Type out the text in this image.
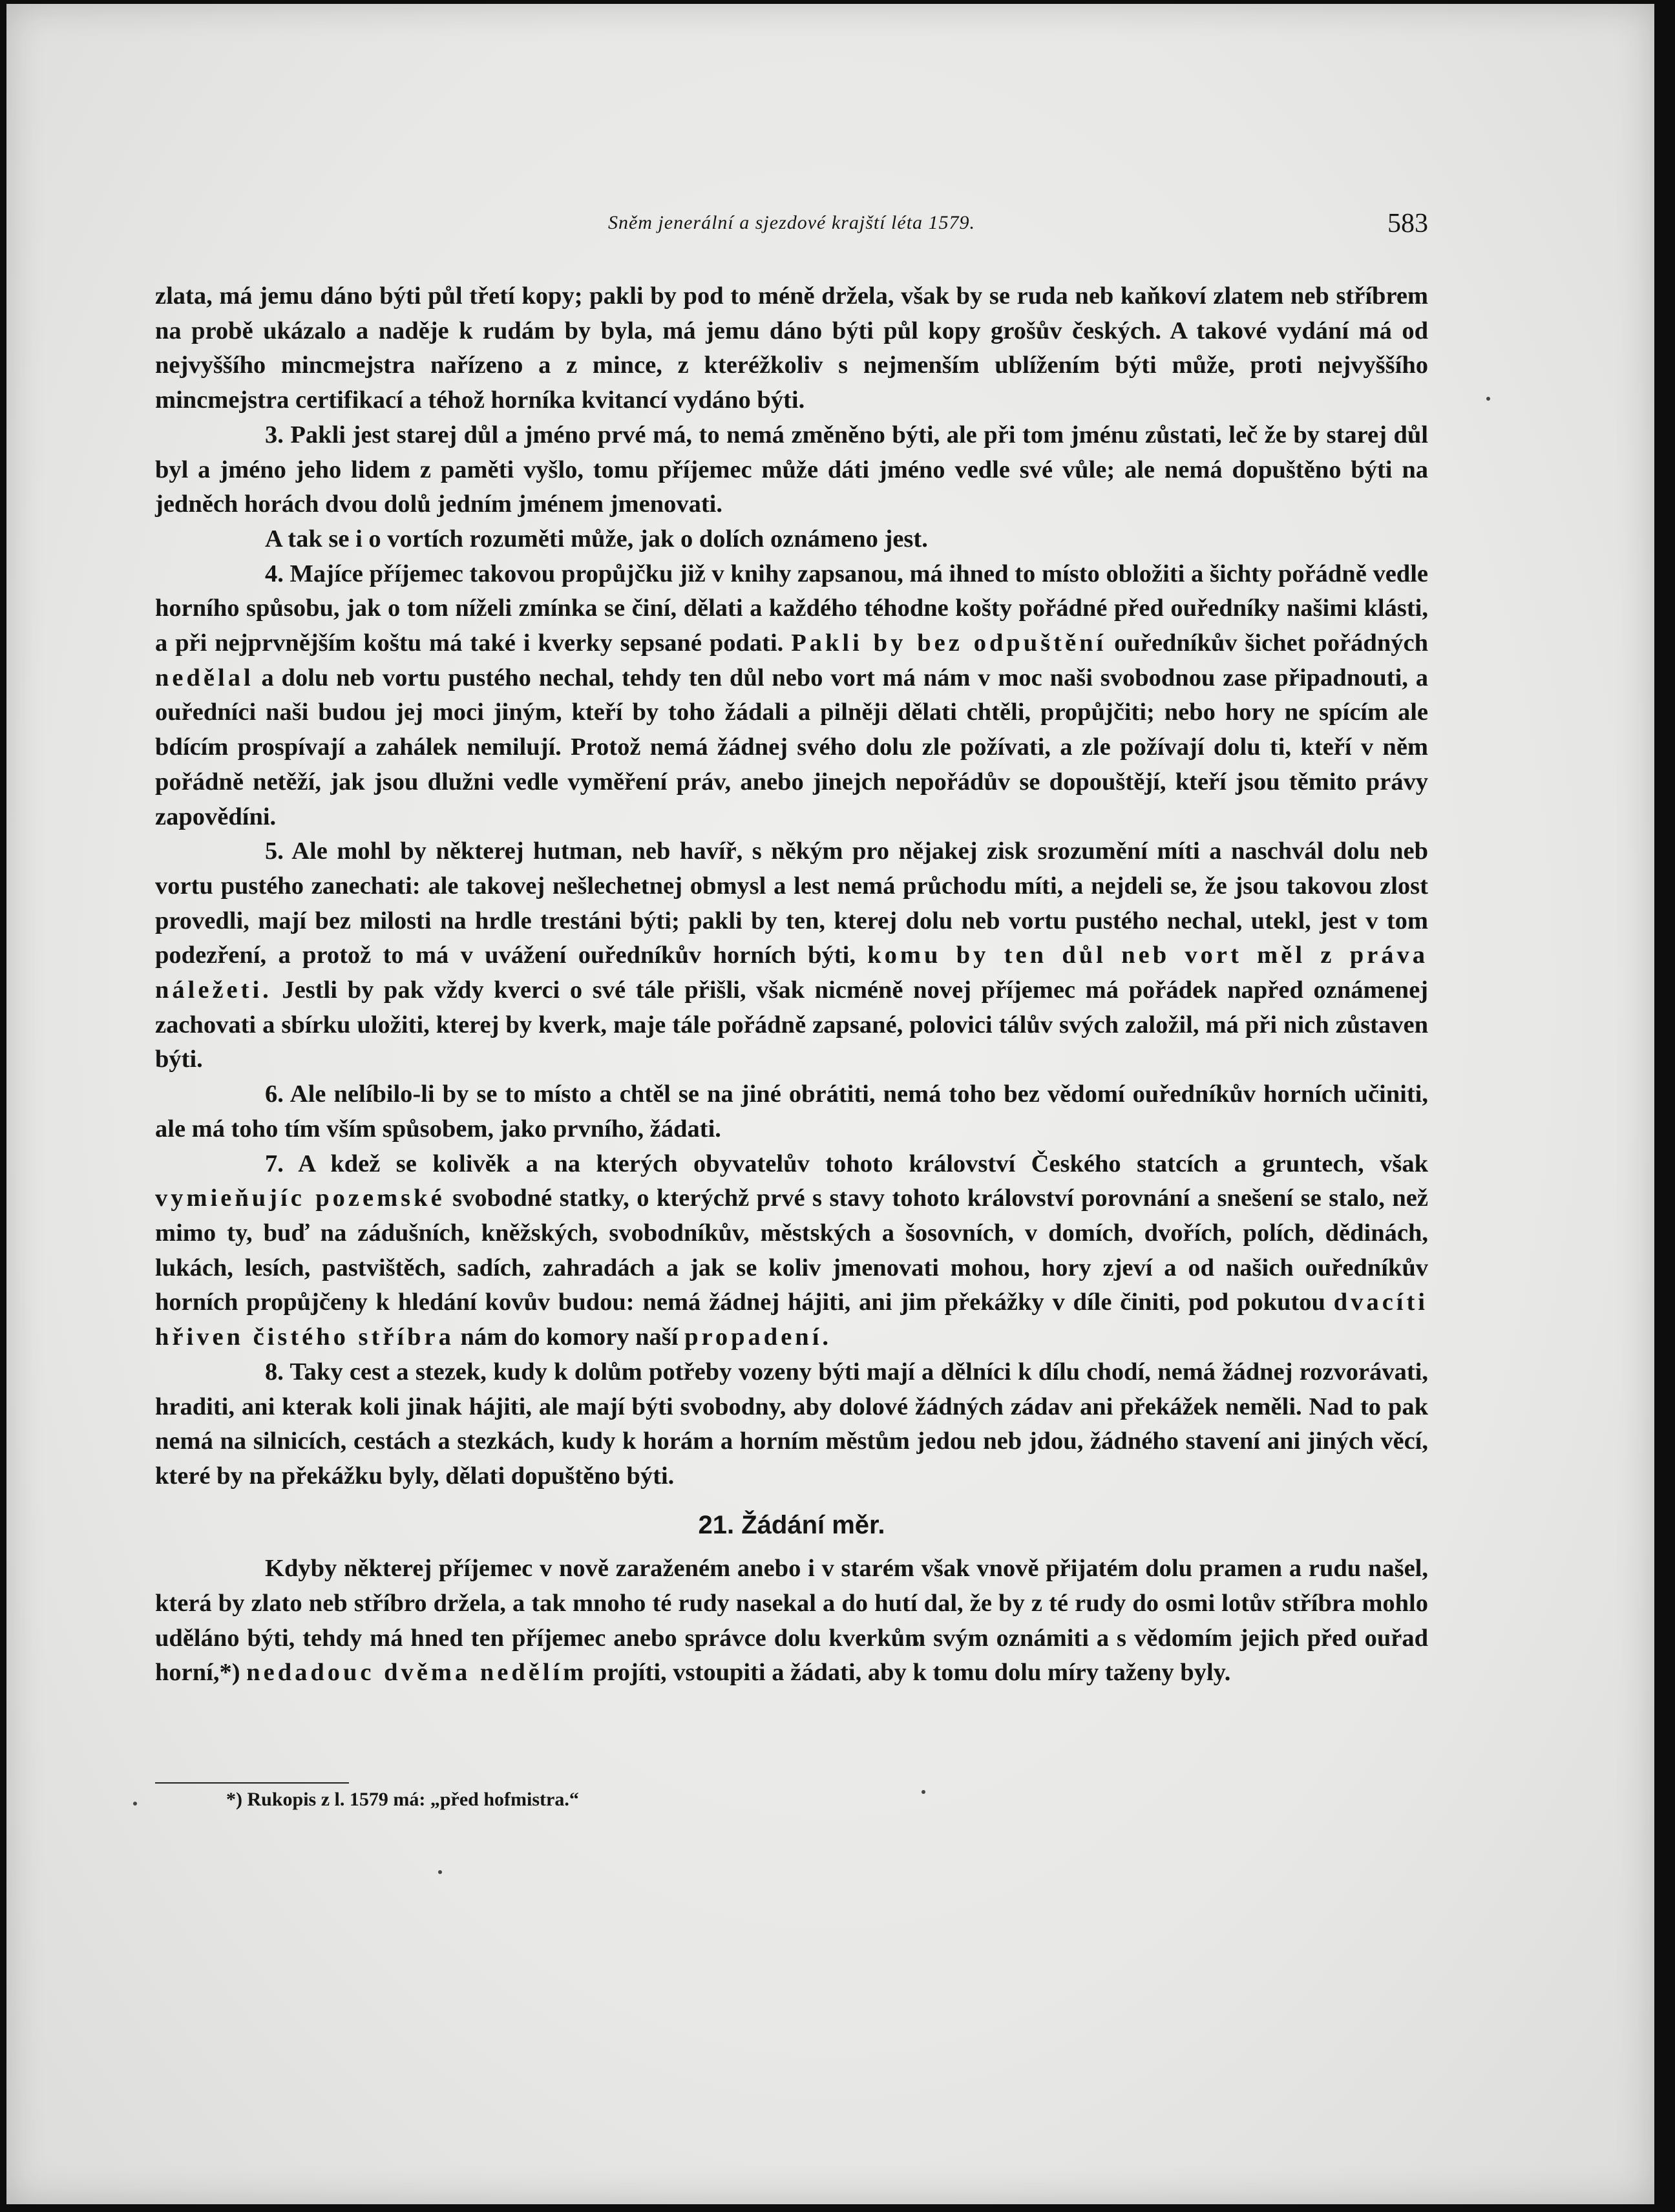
Sněm jenerální a sjezdové krajští léta 1579.	583

zlata, má jemu dáno býti půl třetí kopy; pakli by pod to méně držela, však by se ruda neb kaňkoví zlatem neb stříbrem na probě ukázalo a naděje k rudám by byla, má jemu dáno býti půl kopy grošův českých. A takové vydání má od nejvyššího mincmejstra nařízeno a z mince, z kteréžkoliv s nejmenším ublížením býti může, proti nejvyššího mincmejstra certifikací a téhož horníka kvitancí vydáno býti.

3. Pakli jest starej důl a jméno prvé má, to nemá změněno býti, ale při tom jménu zůstati, leč že by starej důl byl a jméno jeho lidem z paměti vyšlo, tomu příjemec může dáti jméno vedle své vůle; ale nemá dopuštěno býti na jedněch horách dvou dolů jedním jménem jmenovati.

A tak se i o vortích rozuměti může, jak o dolích oznámeno jest.

4. Majíce příjemec takovou propůjčku již v knihy zapsanou, má ihned to místo obložiti a šichty pořádně vedle horního spůsobu, jak o tom níželi zmínka se činí, dělati a každého téhodne košty pořádné před ouředníky našimi klásti, a při nejprvnějším koštu má také i kverky sepsané podati. Pakli by bez odpuštění ouředníkův šichet pořádných nedělal a dolu neb vortu pustého nechal, tehdy ten důl nebo vort má nám v moc naši svobodnou zase připadnouti, a ouředníci naši budou jej moci jiným, kteří by toho žádali a pilněji dělati chtěli, propůjčiti; nebo hory ne spícím ale bdícím prospívají a zahálek nemilují. Protož nemá žádnej svého dolu zle požívati, a zle požívají dolu ti, kteří v něm pořádně netěží, jak jsou dlužni vedle vyměření práv, anebo jinejch nepořádův se dopouštějí, kteří jsou těmito právy zapovědíni.

5. Ale mohl by některej hutman, neb havíř, s někým pro nějakej zisk srozumění míti a naschvál dolu neb vortu pustého zanechati: ale takovej nešlechetnej obmysl a lest nemá průchodu míti, a nejdeli se, že jsou takovou zlost provedli, mají bez milosti na hrdle trestáni býti; pakli by ten, kterej dolu neb vortu pustého nechal, utekl, jest v tom podezření, a protož to má v uvážení ouředníkův horních býti, komu by ten důl neb vort měl z práva náležeti. Jestli by pak vždy kverci o své tále přišli, však nicméně novej příjemec má pořádek napřed oznámenej zachovati a sbírku uložiti, kterej by kverk, maje tále pořádně zapsané, polovici tálův svých založil, má při nich zůstaven býti.

6. Ale nelíbilo-li by se to místo a chtěl se na jiné obrátiti, nemá toho bez vědomí ouředníkův horních učiniti, ale má toho tím vším spůsobem, jako prvního, žádati.

7. A kdež se kolivěk a na kterých obyvatelův tohoto království Českého statcích a gruntech, však vymieňujíc pozemské svobodné statky, o kterýchž prvé s stavy tohoto království porovnání a snešení se stalo, než mimo ty, buď na zádušních, kněžských, svobodníkův, městských a šosovních, v domích, dvořích, polích, dědinách, lukách, lesích, pastvištěch, sadích, zahradách a jak se koliv jmenovati mohou, hory zjeví a od našich ouředníkův horních propůjčeny k hledání kovův budou: nemá žádnej hájiti, ani jim překážky v díle činiti, pod pokutou dvacíti hřiven čistého stříbra nám do komory naší propadení.

8. Taky cest a stezek, kudy k dolům potřeby vozeny býti mají a dělníci k dílu chodí, nemá žádnej rozvorávati, hraditi, ani kterak koli jinak hájiti, ale mají býti svobodny, aby dolové žádných zádav ani překážek neměli. Nad to pak nemá na silnicích, cestách a stezkách, kudy k horám a horním městům jedou neb jdou, žádného stavení ani jiných věcí, které by na překážku byly, dělati dopuštěno býti.

21. Žádání měr.

Kdyby některej příjemec v nově zaraženém anebo i v starém však vnově přijatém dolu pramen a rudu našel, která by zlato neb stříbro držela, a tak mnoho té rudy nasekal a do hutí dal, že by z té rudy do osmi lotův stříbra mohlo uděláno býti, tehdy má hned ten příjemec anebo správce dolu kverkům svým oznámiti a s vědomím jejich před ouřad horní,*) nedadouc dvěma nedělím projíti, vstoupiti a žádati, aby k tomu dolu míry taženy byly.

*) Rukopis z l. 1579 má: „před hofmistra.“
